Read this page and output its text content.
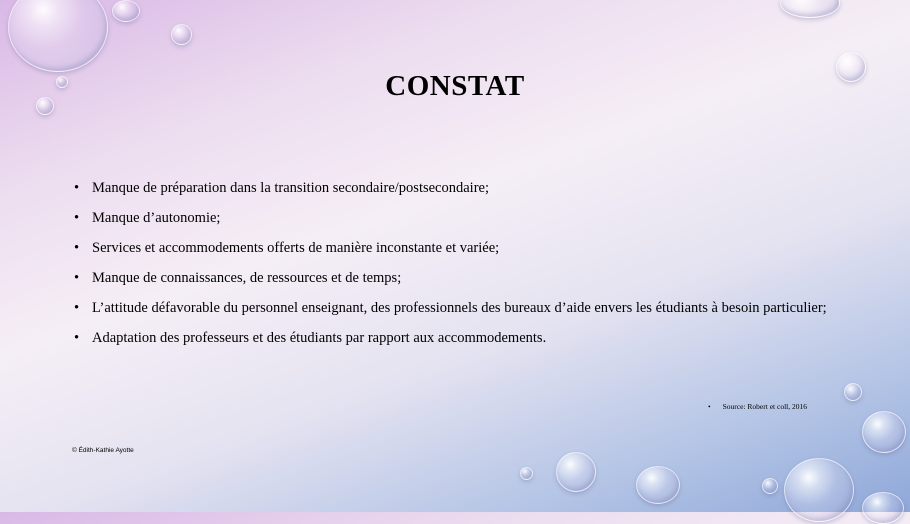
CONSTAT
• Manque de préparation dans la transition secondaire/postsecondaire;
• Manque d’autonomie;
• Services et accommodements offerts de manière inconstante et variée;
• Manque de connaissances, de ressources et de temps;
• L’attitude défavorable du personnel enseignant, des professionnels des bureaux d’aide envers les étudiants à besoin particulier;
• Adaptation des professeurs et des étudiants par rapport aux accommodements.
• Source: Robert et coll, 2016
© Édith-Kathie Ayotte
